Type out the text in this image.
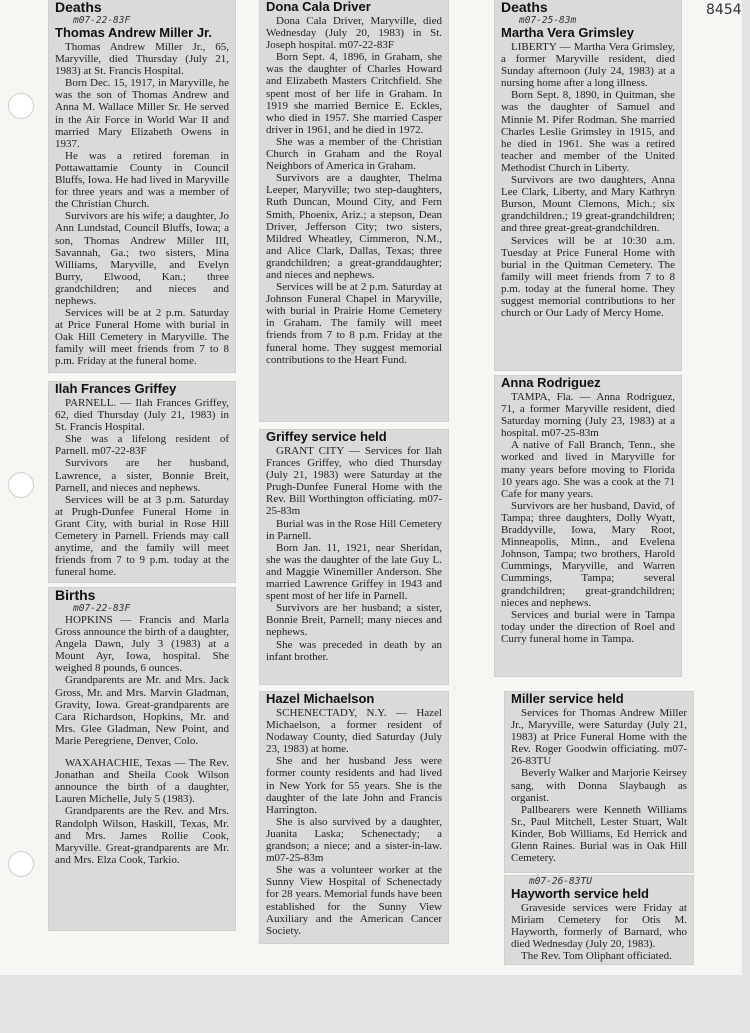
8454
Deaths
m07-22-83F
Thomas Andrew Miller Jr.

Thomas Andrew Miller Jr., 65, Maryville, died Thursday (July 21, 1983) at St. Francis Hospital.

Born Dec. 15, 1917, in Maryville, he was the son of Thomas Andrew and Anna M. Wallace Miller Sr. He served in the Air Force in World War II and married Mary Elizabeth Owens in 1937.

He was a retired foreman in Pottawattamie County in Council Bluffs, Iowa. He had lived in Maryville for three years and was a member of the Christian Church.

Survivors are his wife; a daughter, Jo Ann Lundstad, Council Bluffs, Iowa; a son, Thomas Andrew Miller III, Savannah, Ga.; two sisters, Mina Williams, Maryville, and Evelyn Burry, Elwood, Kan.; three grandchildren; and nieces and nephews.

Services will be at 2 p.m. Saturday at Price Funeral Home with burial in Oak Hill Cemetery in Maryville. The family will meet friends from 7 to 8 p.m. Friday at the funeral home.

Ilah Frances Griffey

PARNELL. — Ilah Frances Griffey, 62, died Thursday (July 21, 1983) in St. Francis Hospital.

She was a lifelong resident of Parnell. m07-22-83F

Survivors are her husband, Lawrence, a sister, Bonnie Breit, Parnell, and nieces and nephews.

Services will be at 3 p.m. Saturday at Prugh-Dunfee Funeral Home in Grant City, with burial in Rose Hill Cemetery in Parnell. Friends may call anytime, and the family will meet friends from 7 to 9 p.m. today at the funeral home.

Births
m07-22-83F

HOPKINS — Francis and Marla Gross announce the birth of a daughter, Angela Dawn, July 3 (1983) at a Mount Ayr, Iowa, hospital. She weighed 8 pounds, 6 ounces.

Grandparents are Mr. and Mrs. Jack Gross, Mr. and Mrs. Marvin Gladman, Gravity, Iowa. Great-grandparents are Cara Richardson, Hopkins, Mr. and Mrs. Glee Gladman, New Point, and Marie Peregriene, Denver, Colo.

WAXAHACHIE, Texas — The Rev. Jonathan and Sheila Cook Wilson announce the birth of a daughter, Lauren Michelle, July 5 (1983).

Grandparents are the Rev. and Mrs. Randolph Wilson, Haskill, Texas, Mr. and Mrs. James Rollie Cook, Maryville. Great-grandparents are Mr. and Mrs. Elza Cook, Tarkio.

Dona Cala Driver

Dona Cala Driver, Maryville, died Wednesday (July 20, 1983) in St. Joseph hospital. m07-22-83F

Born Sept. 4, 1896, in Graham, she was the daughter of Charles Howard and Elizabeth Masters Critchfield. She spent most of her life in Graham. In 1919 she married Bernice E. Eckles, who died in 1957. She married Casper driver in 1961, and he died in 1972.

She was a member of the Christian Church in Graham and the Royal Neighbors of America in Graham.

Survivors are a daughter, Thelma Leeper, Maryville; two step-daughters, Ruth Duncan, Mound City, and Fern Smith, Phoenix, Ariz.; a stepson, Dean Driver, Jefferson City; two sisters, Mildred Wheatley, Cimmeron, N.M., and Alice Clark, Dallas, Texas; three grandchildren; a great-granddaughter; and nieces and nephews.

Services will be at 2 p.m. Saturday at Johnson Funeral Chapel in Maryville, with burial in Prairie Home Cemetery in Graham. The family will meet friends from 7 to 8 p.m. Friday at the funeral home. They suggest memorial contributions to the Heart Fund.

Griffey service held

GRANT CITY — Services for Ilah Frances Griffey, who died Thursday (July 21, 1983) were Saturday at the Prugh-Dunfee Funeral Home with the Rev. Bill Worthington officiating. m07-25-83m

Burial was in the Rose Hill Cemetery in Parnell.

Born Jan. 11, 1921, near Sheridan, she was the daughter of the late Guy L. and Maggie Winemiller Anderson. She married Lawrence Griffey in 1943 and spent most of her life in Parnell.

Survivors are her husband; a sister, Bonnie Breit, Parnell; many nieces and nephews.

She was preceded in death by an infant brother.

Hazel Michaelson

SCHENECTADY, N.Y. — Hazel Michaelson, a former resident of Nodaway County, died Saturday (July 23, 1983) at home.

She and her husband Jess were former county residents and had lived in New York for 55 years. She is the daughter of the late John and Francis Harrington.

She is also survived by a daughter, Juanita Laska; Schenectady; a grandson; a niece; and a sister-in-law. m07-25-83m

She was a volunteer worker at the Sunny View Hospital of Schenectady for 28 years. Memorial funds have been established for the Sunny View Auxiliary and the American Cancer Society.

Deaths
m07-25-83m
Martha Vera Grimsley

LIBERTY — Martha Vera Grimsley, a former Maryville resident, died Sunday afternoon (July 24, 1983) at a nursing home after a long illness.

Born Sept. 8, 1890, in Quitman, she was the daughter of Samuel and Minnie M. Pifer Rodman. She married Charles Leslie Grimsley in 1915, and he died in 1961. She was a retired teacher and member of the United Methodist Church in Liberty.

Survivors are two daughters, Anna Lee Clark, Liberty, and Mary Kathryn Burson, Mount Clemons, Mich.; six grandchildren.; 19 great-grandchildren; and three great-great-grandchildren.

Services will be at 10:30 a.m. Tuesday at Price Funeral Home with burial in the Quitman Cemetery. The family will meet friends from 7 to 8 p.m. today at the funeral home. They suggest memorial contributions to her church or Our Lady of Mercy Home.

Anna Rodriguez

TAMPA, Fla. — Anna Rodriguez, 71, a former Maryville resident, died Saturday morning (July 23, 1983) at a hospital. m07-25-83m

A native of Fall Branch, Tenn., she worked and lived in Maryville for many years before moving to Florida 10 years ago. She was a cook at the 71 Cafe for many years.

Survivors are her husband, David, of Tampa; three daughters, Dolly Wyatt, Braddyville, Iowa, Mary Root, Minneapolis, Minn., and Evelena Johnson, Tampa; two brothers, Harold Cummings, Maryville, and Warren Cummings, Tampa; several grandchildren; great-grandchildren; nieces and nephews.

Services and burial were in Tampa today under the direction of Roel and Curry funeral home in Tampa.

Miller service held

Services for Thomas Andrew Miller Jr., Maryville, were Saturday (July 21, 1983) at Price Funeral Home with the Rev. Roger Goodwin officiating. m07-26-83TU

Beverly Walker and Marjorie Keirsey sang, with Donna Slaybaugh as organist.

Pallbearers were Kenneth Williams Sr., Paul Mitchell, Lester Stuart, Walt Kinder, Bob Williams, Ed Herrick and Glenn Raines. Burial was in Oak Hill Cemetery.

m07-26-83TU
Hayworth service held

Graveside services were Friday at Miriam Cemetery for Otis M. Hayworth, formerly of Barnard, who died Wednesday (July 20, 1983).

The Rev. Tom Oliphant officiated.
